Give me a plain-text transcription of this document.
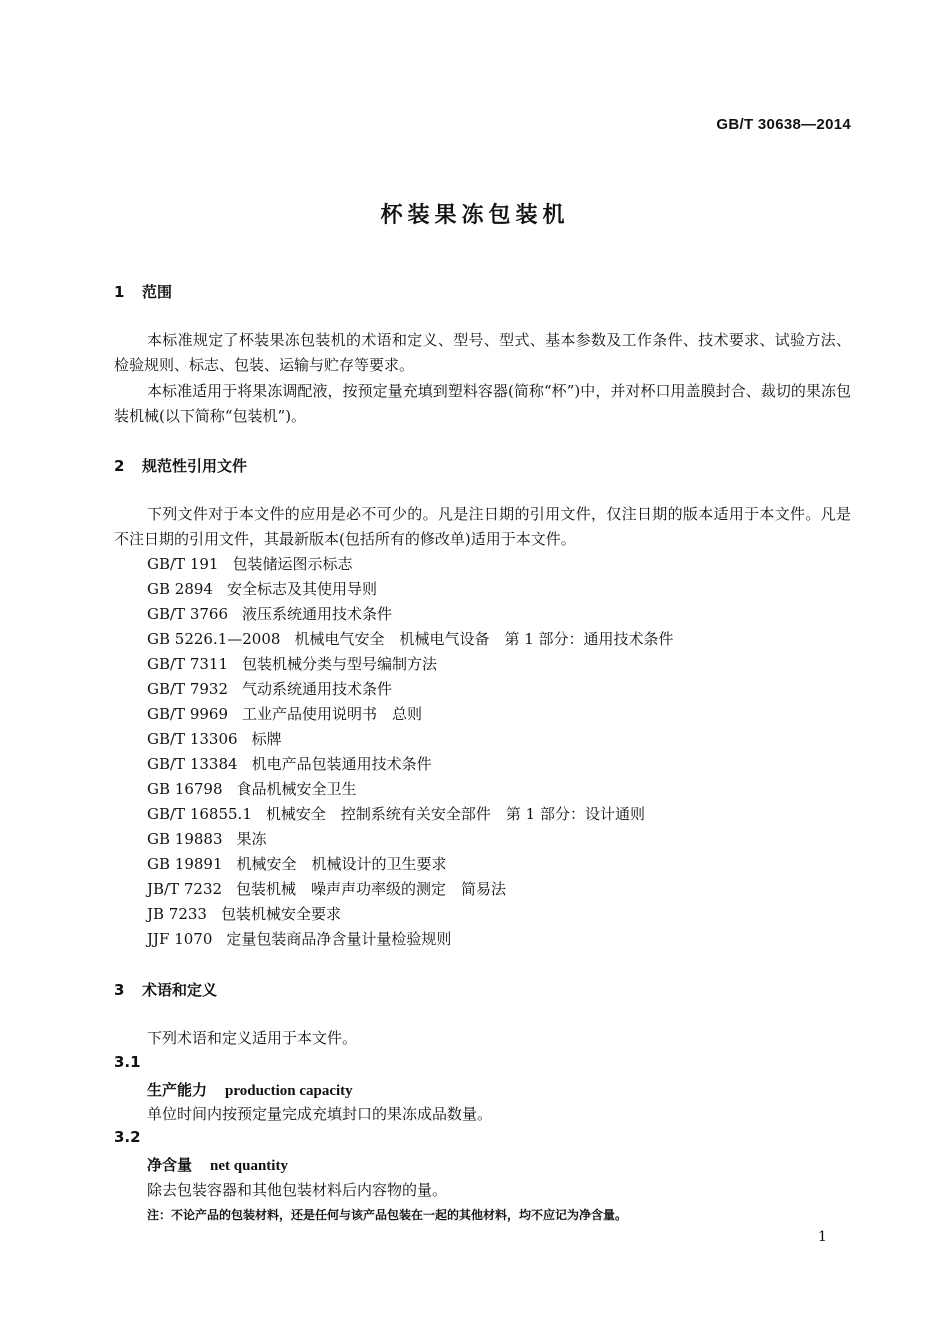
GB/T 30638—2014
杯装果冻包装机
1 范围
本标准规定了杯装果冻包装机的术语和定义、型号、型式、基本参数及工作条件、技术要求、试验方法、检验规则、标志、包装、运输与贮存等要求。
本标准适用于将果冻调配液，按预定量充填到塑料容器(简称“杯”)中，并对杯口用盖膜封合、裁切的果冻包装机械(以下简称“包装机”)。
2 规范性引用文件
下列文件对于本文件的应用是必不可少的。凡是注日期的引用文件，仅注日期的版本适用于本文件。凡是不注日期的引用文件，其最新版本(包括所有的修改单)适用于本文件。
GB/T 191 包装储运图示标志
GB 2894 安全标志及其使用导则
GB/T 3766 液压系统通用技术条件
GB 5226.1—2008 机械电气安全　机械电气设备　第 1 部分：通用技术条件
GB/T 7311 包装机械分类与型号编制方法
GB/T 7932 气动系统通用技术条件
GB/T 9969 工业产品使用说明书　总则
GB/T 13306 标牌
GB/T 13384 机电产品包装通用技术条件
GB 16798 食品机械安全卫生
GB/T 16855.1 机械安全　控制系统有关安全部件　第 1 部分：设计通则
GB 19883 果冻
GB 19891 机械安全　机械设计的卫生要求
JB/T 7232 包装机械　噪声声功率级的测定　简易法
JB 7233 包装机械安全要求
JJF 1070 定量包装商品净含量计量检验规则
3 术语和定义
下列术语和定义适用于本文件。
3.1
生产能力 production capacity
单位时间内按预定量完成充填封口的果冻成品数量。
3.2
净含量 net quantity
除去包装容器和其他包装材料后内容物的量。
注：不论产品的包装材料，还是任何与该产品包装在一起的其他材料，均不应记为净含量。
1
